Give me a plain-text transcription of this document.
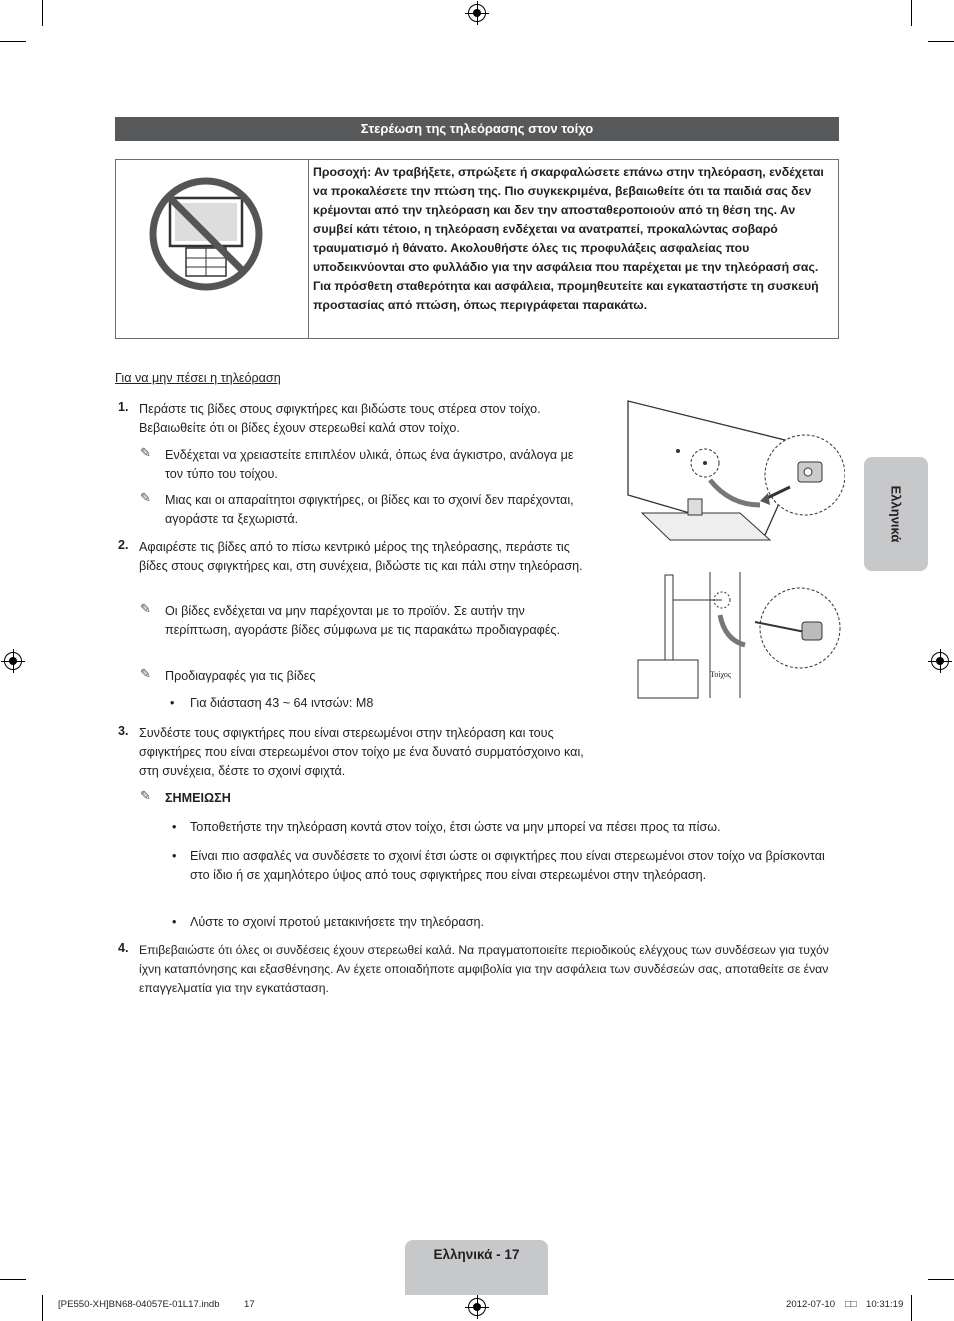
Στερέωση της τηλεόρασης στον τοίχο
Προσοχή: Αν τραβήξετε, σπρώξετε ή σκαρφαλώσετε επάνω στην τηλεόραση, ενδέχεται να προκαλέσετε την πτώση της. Πιο συγκεκριμένα, βεβαιωθείτε ότι τα παιδιά σας δεν κρέμονται από την τηλεόραση και δεν την αποσταθεροποιούν από τη θέση της. Αν συμβεί κάτι τέτοιο, η τηλεόραση ενδέχεται να ανατραπεί, προκαλώντας σοβαρό τραυματισμό ή θάνατο. Ακολουθήστε όλες τις προφυλάξεις ασφαλείας που υποδεικνύονται στο φυλλάδιο για την ασφάλεια που παρέχεται με την τηλεόρασή σας. Για πρόσθετη σταθερότητα και ασφάλεια, προμηθευτείτε και εγκαταστήστε τη συσκευή προστασίας από πτώση, όπως περιγράφεται παρακάτω.
Για να μην πέσει η τηλεόραση
1. Περάστε τις βίδες στους σφιγκτήρες και βιδώστε τους στέρεα στον τοίχο. Βεβαιωθείτε ότι οι βίδες έχουν στερεωθεί καλά στον τοίχο.
✎ Ενδέχεται να χρειαστείτε επιπλέον υλικά, όπως ένα άγκιστρο, ανάλογα με τον τύπο του τοίχου.
✎ Μιας και οι απαραίτητοι σφιγκτήρες, οι βίδες και το σχοινί δεν παρέχονται, αγοράστε τα ξεχωριστά.
2. Αφαιρέστε τις βίδες από το πίσω κεντρικό μέρος της τηλεόρασης, περάστε τις βίδες στους σφιγκτήρες και, στη συνέχεια, βιδώστε τις και πάλι στην τηλεόραση.
✎ Οι βίδες ενδέχεται να μην παρέχονται με το προϊόν. Σε αυτήν την περίπτωση, αγοράστε βίδες σύμφωνα με τις παρακάτω προδιαγραφές.
✎ Προδιαγραφές για τις βίδες
• Για διάσταση 43 ~ 64 ιντσών: M8
Τοίχος
3. Συνδέστε τους σφιγκτήρες που είναι στερεωμένοι στην τηλεόραση και τους σφιγκτήρες που είναι στερεωμένοι στον τοίχο με ένα δυνατό συρματόσχοινο και, στη συνέχεια, δέστε το σχοινί σφιχτά.
✎ ΣΗΜΕΙΩΣΗ
• Τοποθετήστε την τηλεόραση κοντά στον τοίχο, έτσι ώστε να μην μπορεί να πέσει προς τα πίσω.
• Είναι πιο ασφαλές να συνδέσετε το σχοινί έτσι ώστε οι σφιγκτήρες που είναι στερεωμένοι στον τοίχο να βρίσκονται στο ίδιο ή σε χαμηλότερο ύψος από τους σφιγκτήρες που είναι στερεωμένοι στην τηλεόραση.
• Λύστε το σχοινί προτού μετακινήσετε την τηλεόραση.
4. Επιβεβαιώστε ότι όλες οι συνδέσεις έχουν στερεωθεί καλά. Να πραγματοποιείτε περιοδικούς ελέγχους των συνδέσεων για τυχόν ίχνη καταπόνησης και εξασθένησης. Αν έχετε οποιαδήποτε αμφιβολία για την ασφάλεια των συνδέσεών σας, αποταθείτε σε έναν επαγγελματία για την εγκατάσταση.
Ελληνικά
Ελληνικά - 17
[PE550-XH]BN68-04057E-01L17.indb	17	2012-07-10 □□ 10:31:19
